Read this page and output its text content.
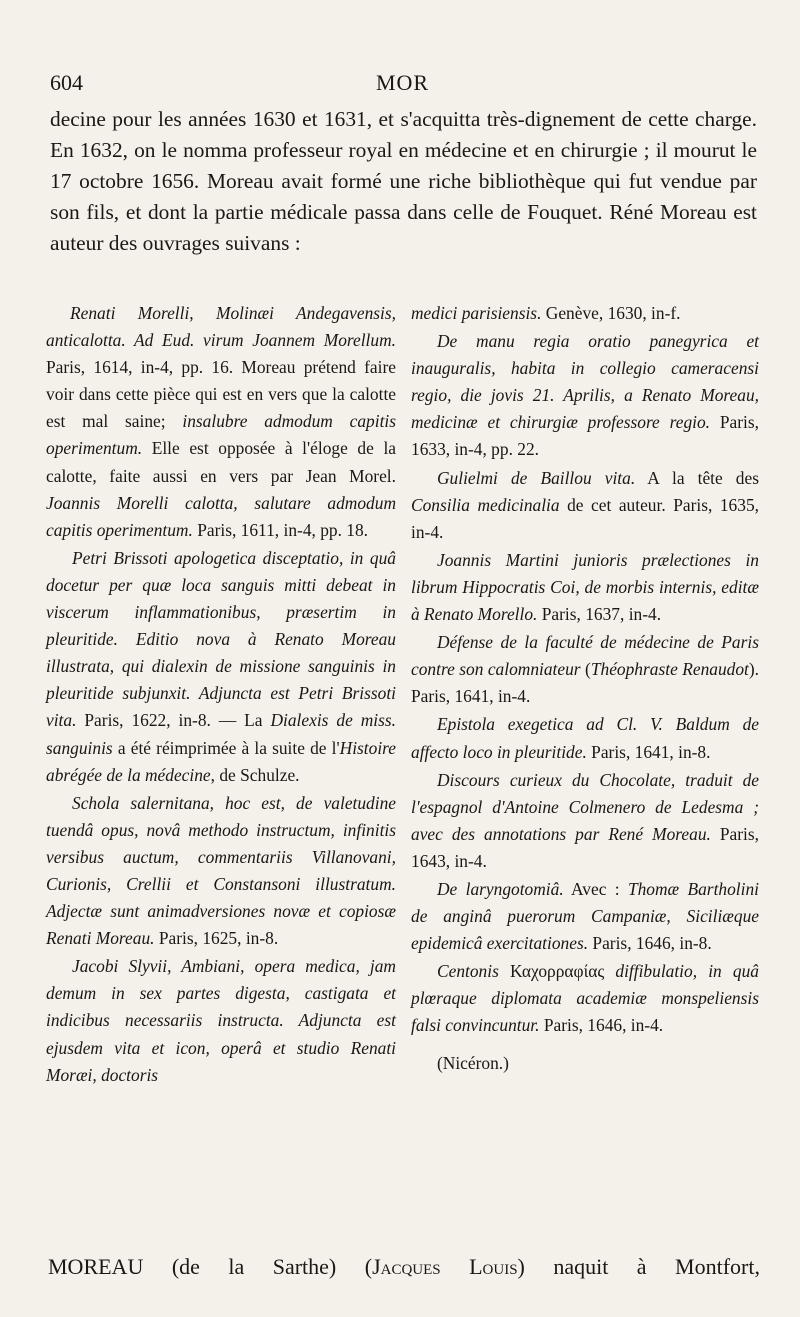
604	MOR

decine pour les années 1630 et 1631, et s'acquitta très-dignement de cette charge. En 1632, on le nomma professeur royal en médecine et en chirurgie ; il mourut le 17 octobre 1656. Moreau avait formé une riche bibliothèque qui fut vendue par son fils, et dont la partie médicale passa dans celle de Fouquet. Réné Moreau est auteur des ouvrages suivans :

Renati Morelli, Molinæi Andegavensis, anticalotta. Ad Eud. virum Joannem Morellum. Paris, 1614, in-4, pp. 16. Moreau prétend faire voir dans cette pièce qui est en vers que la calotte est mal saine; insalubre admodum capitis operimentum. Elle est opposée à l'éloge de la calotte, faite aussi en vers par Jean Morel. Joannis Morelli calotta, salutare admodum capitis operimentum. Paris, 1611, in-4, pp. 18.

Petri Brissoti apologetica disceptatio, in quâ docetur per quæ loca sanguis mitti debeat in viscerum inflammationibus, præsertim in pleuritide. Editio nova à Renato Moreau illustrata, qui dialexin de missione sanguinis in pleuritide subjunxit. Adjuncta est Petri Brissoti vita. Paris, 1622, in-8. — La Dialexis de miss. sanguinis a été réimprimée à la suite de l'Histoire abrégée de la médecine, de Schulze.

Schola salernitana, hoc est, de valetudine tuendâ opus, novâ methodo instructum, infinitis versibus auctum, commentariis Villanovani, Curionis, Crellii et Constansoni illustratum. Adjectæ sunt animadversiones novæ et copiosæ Renati Moreau. Paris, 1625, in-8.

Jacobi Slyvii, Ambiani, opera medica, jam demum in sex partes digesta, castigata et indicibus necessariis instructa. Adjuncta est ejusdem vita et icon, operâ et studio Renati Moræi, doctoris

medici parisiensis. Genève, 1630, in-f.

De manu regia oratio panegyrica et inauguralis, habita in collegio cameracensi regio, die jovis 21. Aprilis, a Renato Moreau, medicinæ et chirurgiæ professore regio. Paris, 1633, in-4, pp. 22.

Gulielmi de Baillou vita. A la tête des Consilia medicinalia de cet auteur. Paris, 1635, in-4.

Joannis Martini junioris prælectiones in librum Hippocratis Coi, de morbis internis, editæ à Renato Morello. Paris, 1637, in-4.

Défense de la faculté de médecine de Paris contre son calomniateur (Théophraste Renaudot). Paris, 1641, in-4.

Epistola exegetica ad Cl. V. Baldum de affecto loco in pleuritide. Paris, 1641, in-8.

Discours curieux du Chocolate, traduit de l'espagnol d'Antoine Colmenero de Ledesma ; avec des annotations par René Moreau. Paris, 1643, in-4.

De laryngotomiâ. Avec : Thomæ Bartholini de anginâ puerorum Campaniæ, Siciliæque epidemicâ exercitationes. Paris, 1646, in-8.

Centonis Καχορραφίας diffibulatio, in quâ plœraque diplomata academiæ monspeliensis falsi convincuntur. Paris, 1646, in-4.

(Nicéron.)

MOREAU (de la Sarthe) (Jacques Louis) naquit à Montfort,
